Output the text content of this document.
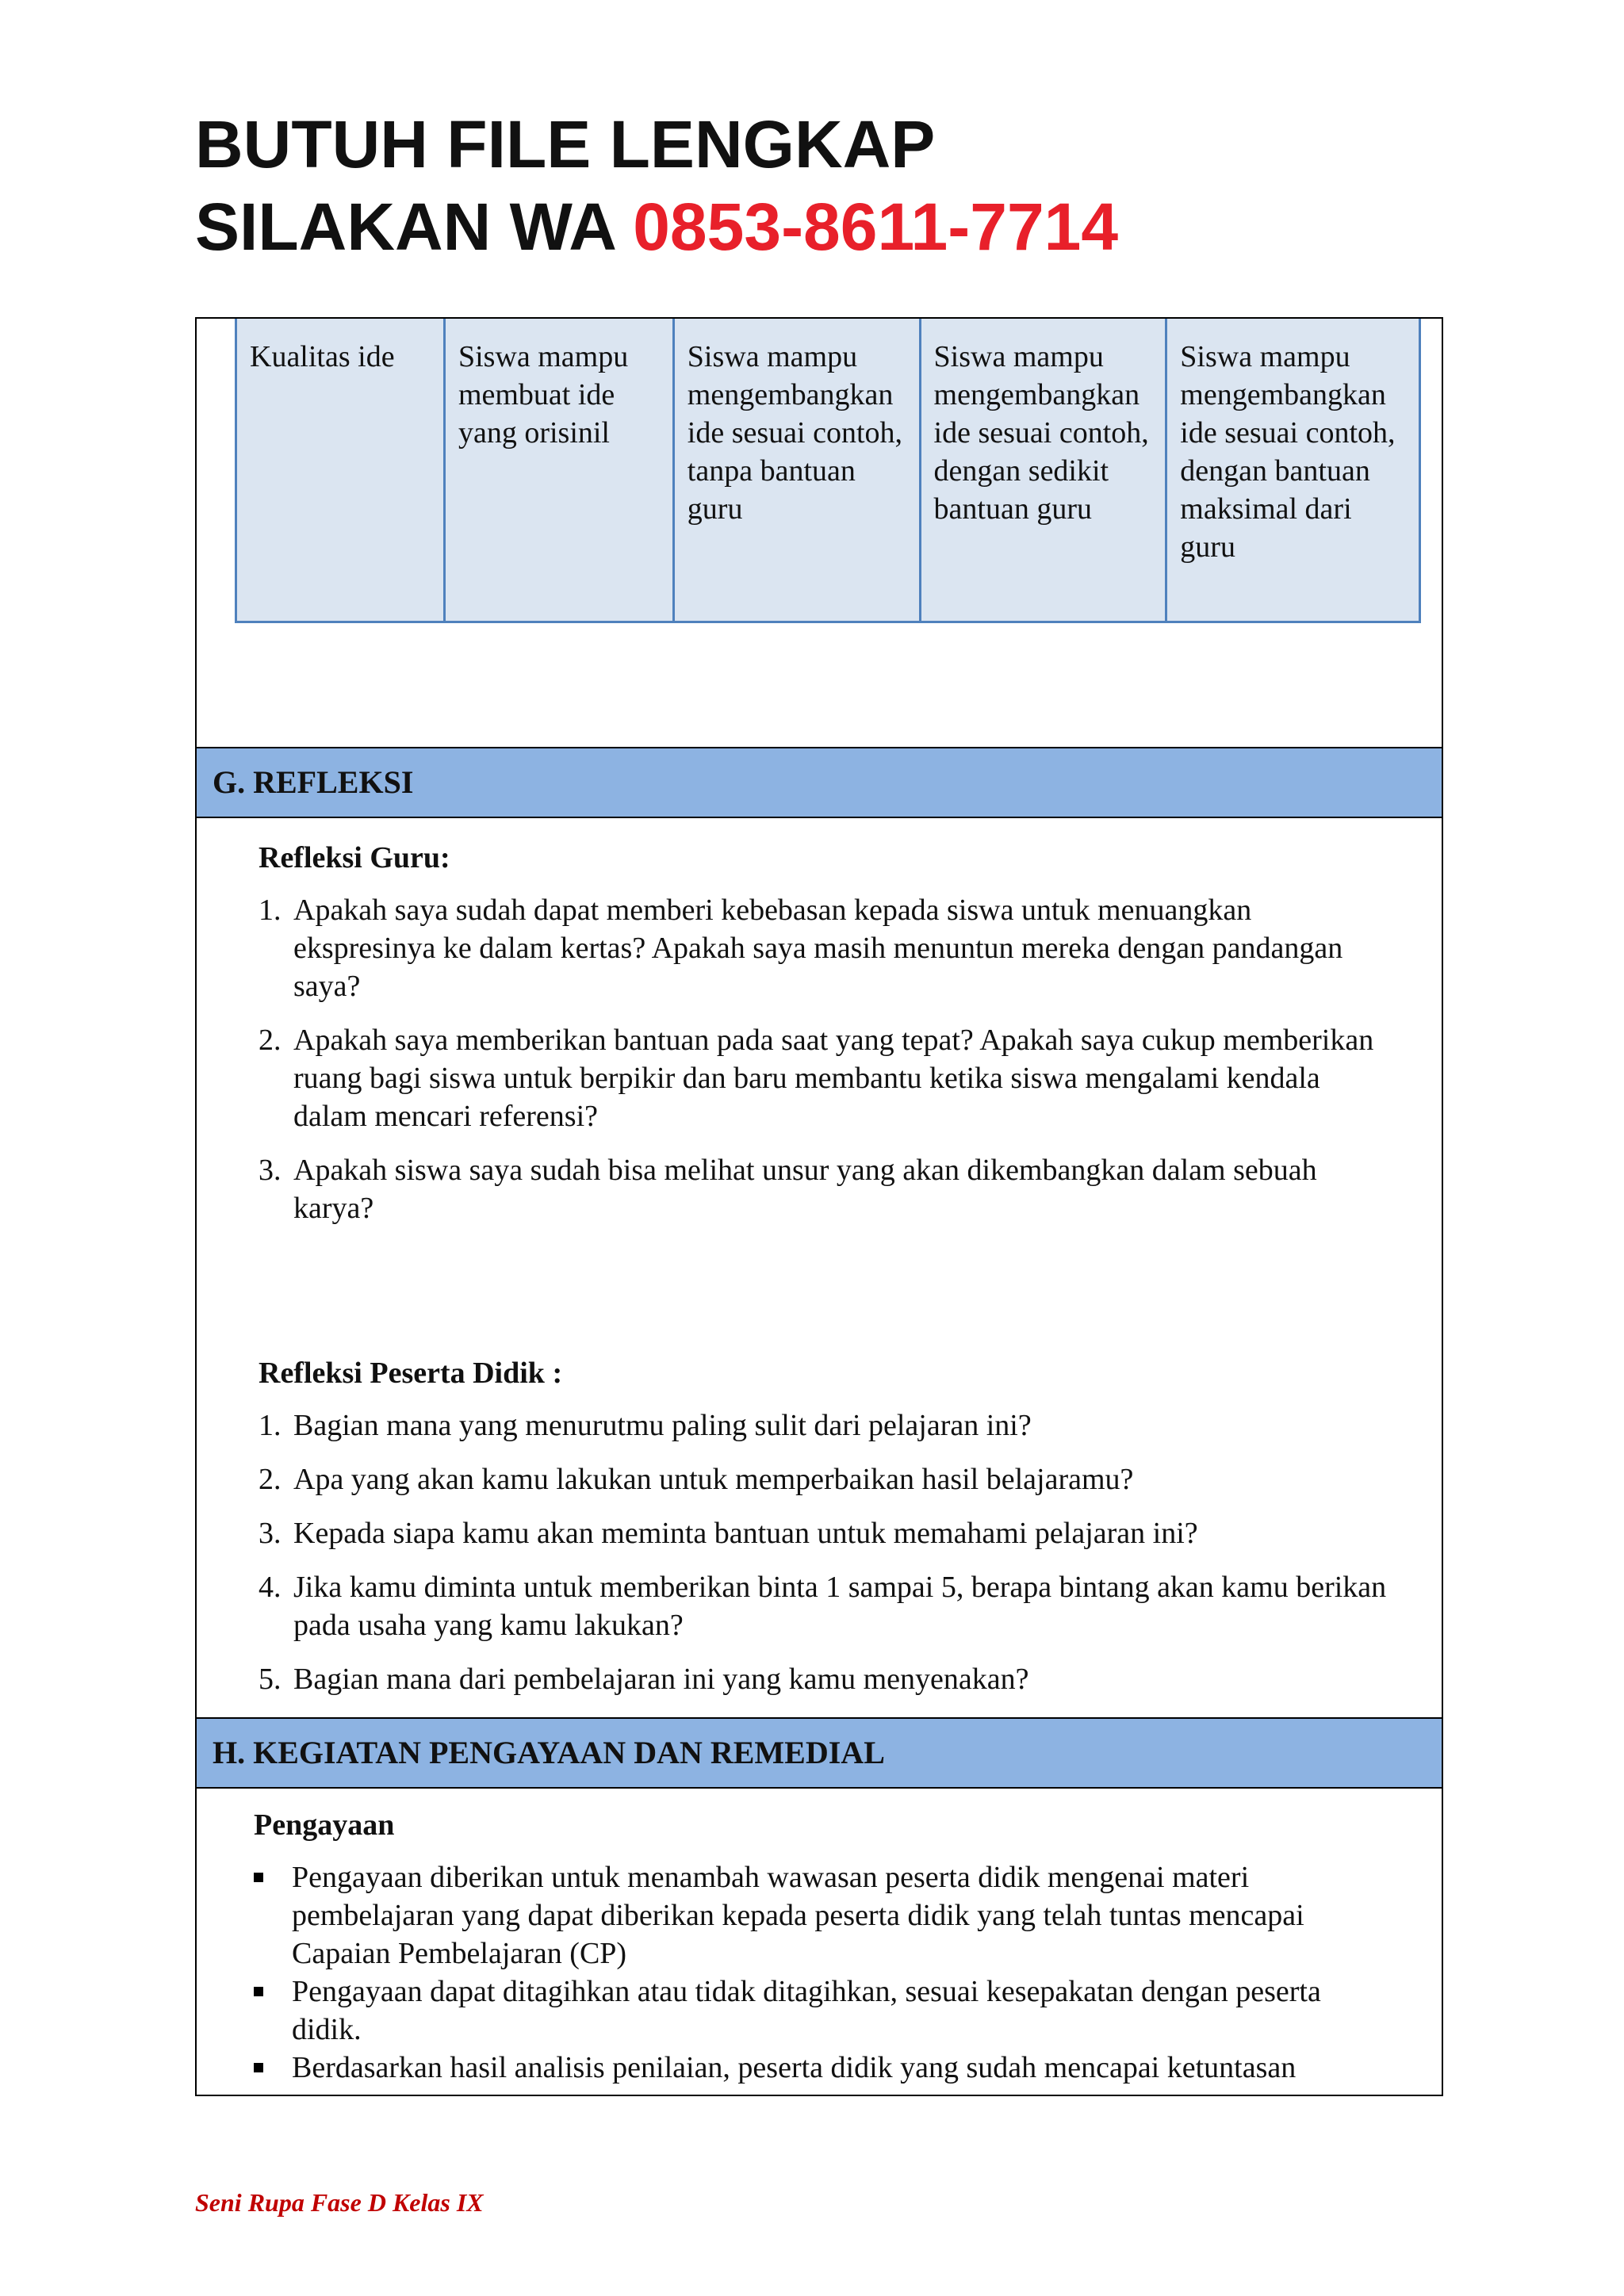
BUTUH FILE LENGKAP
SILAKAN WA 0853-8611-7714
Kualitas ide	Siswa mampu membuat ide yang orisinil
Siswa mampu mengembangkan ide sesuai contoh, tanpa bantuan guru
Siswa mampu mengembangkan ide sesuai contoh, dengan sedikit bantuan guru
Siswa mampu mengembangkan ide sesuai contoh, dengan bantuan maksimal dari guru
G. REFLEKSI

Refleksi Guru:

1. Apakah saya sudah dapat memberi kebebasan kepada siswa untuk menuangkan ekspresinya ke dalam kertas? Apakah saya masih menuntun mereka dengan pandangan saya?
2. Apakah saya memberikan bantuan pada saat yang tepat? Apakah saya cukup memberikan ruang bagi siswa untuk berpikir dan baru membantu ketika siswa mengalami kendala dalam mencari referensi?
3. Apakah siswa saya sudah bisa melihat unsur yang akan dikembangkan dalam sebuah karya?

Refleksi Peserta Didik :

1. Bagian mana yang menurutmu paling sulit dari pelajaran ini?
2. Apa yang akan kamu lakukan untuk memperbaikan hasil belajaramu?
3. Kepada siapa kamu akan meminta bantuan untuk memahami pelajaran ini?
4. Jika kamu diminta untuk memberikan binta 1 sampai 5, berapa bintang akan kamu berikan pada usaha yang kamu lakukan?
5. Bagian mana dari pembelajaran ini yang kamu menyenakan?
H. KEGIATAN PENGAYAAN DAN REMEDIAL

Pengayaan

Pengayaan diberikan untuk menambah wawasan peserta didik mengenai materi pembelajaran yang dapat diberikan kepada peserta didik yang telah tuntas mencapai Capaian Pembelajaran (CP)
Pengayaan dapat ditagihkan atau tidak ditagihkan, sesuai kesepakatan dengan peserta didik.
Berdasarkan hasil analisis penilaian, peserta didik yang sudah mencapai ketuntasan
Seni Rupa Fase D Kelas IX
